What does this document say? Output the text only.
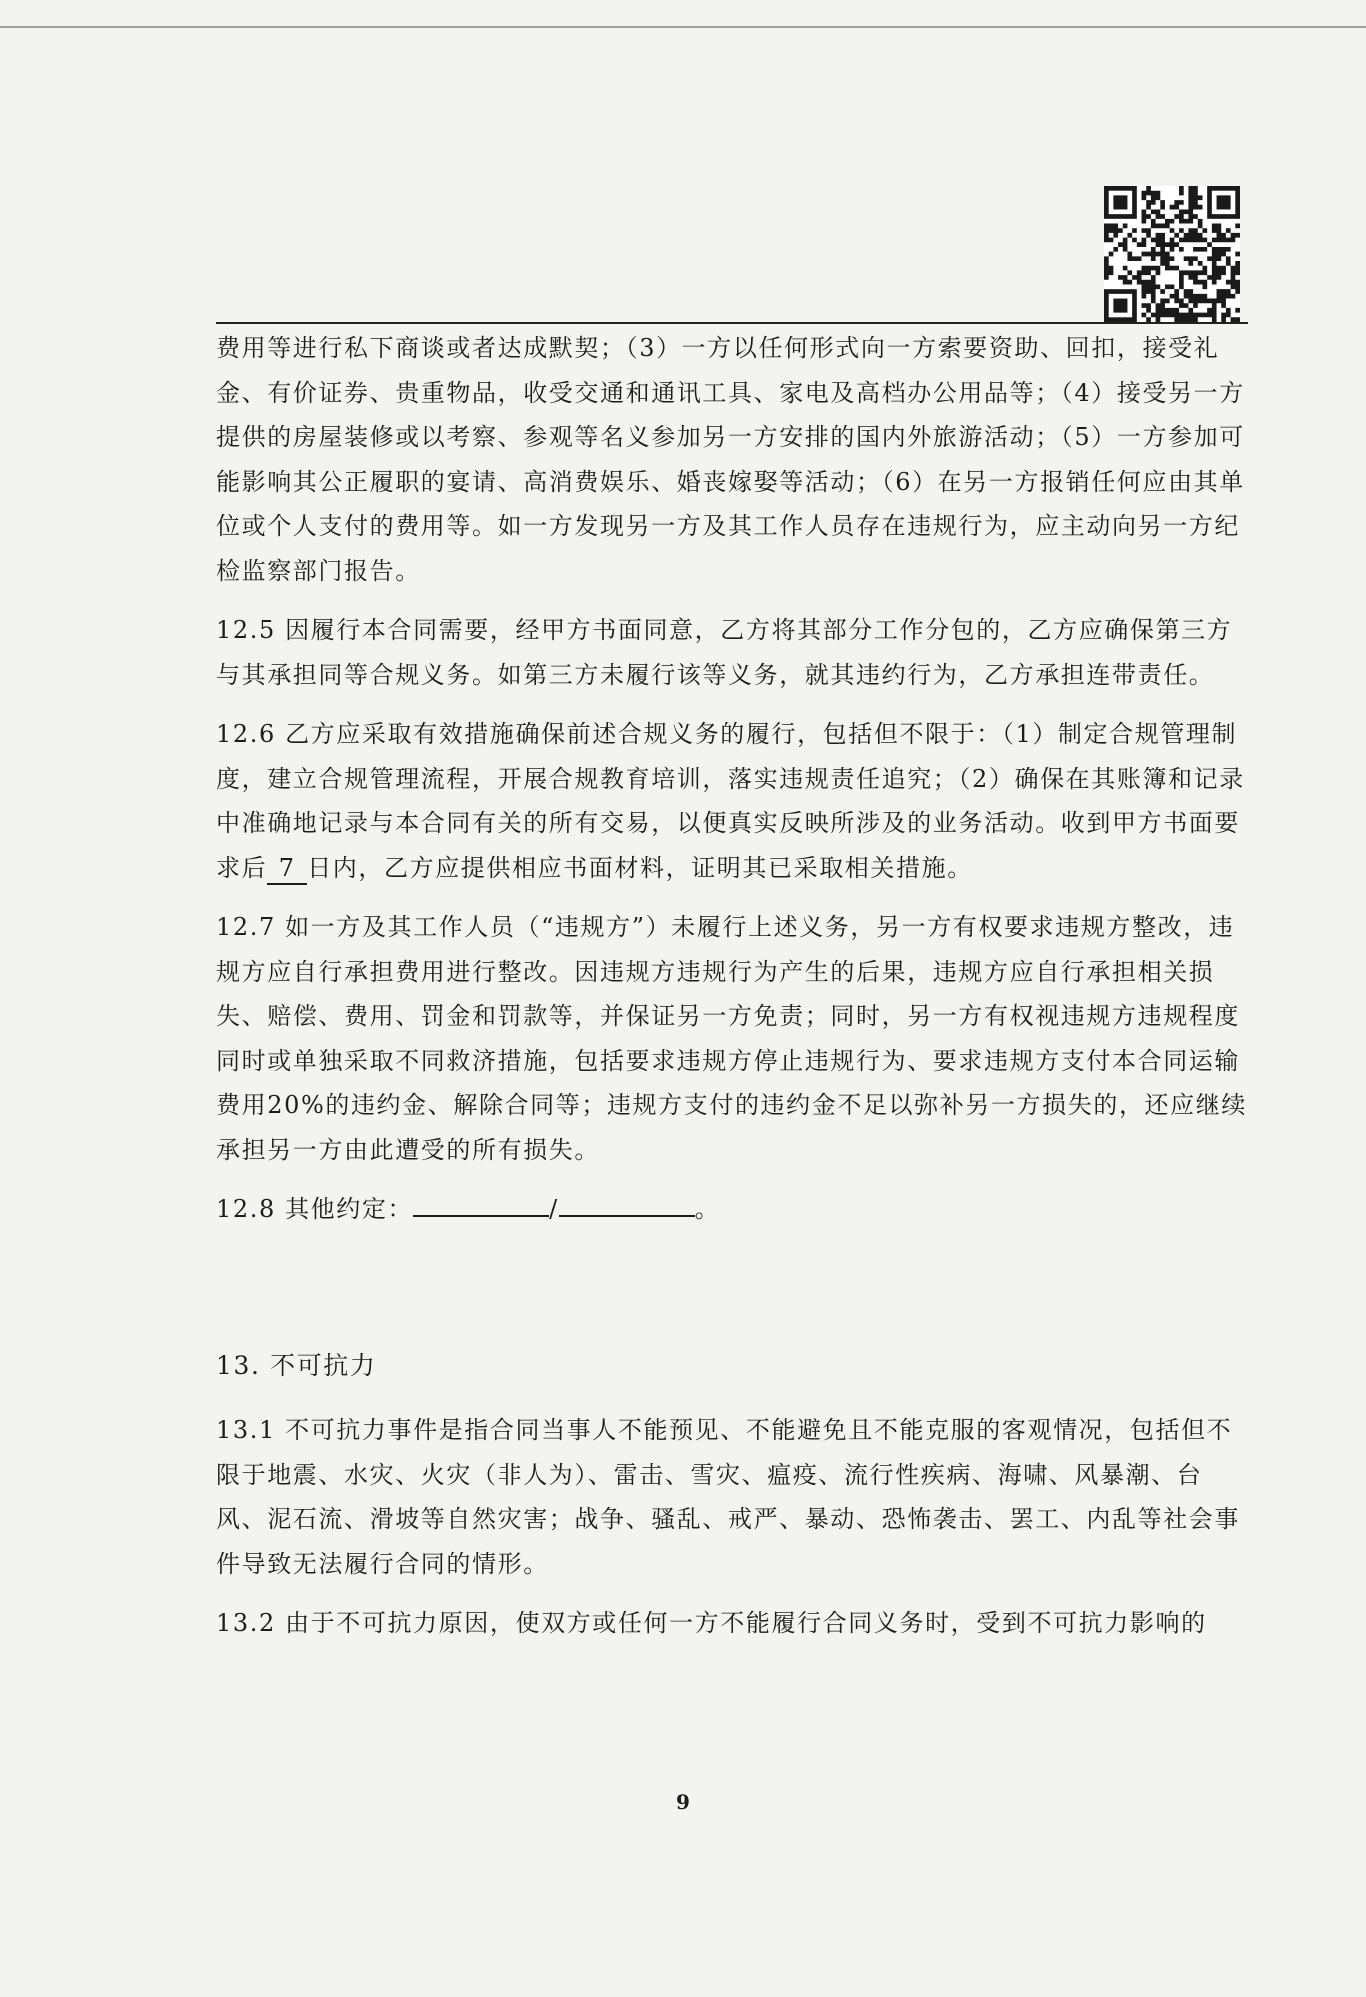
费用等进行私下商谈或者达成默契；（3）一方以任何形式向一方索要资助、回扣，接受礼金、有价证券、贵重物品，收受交通和通讯工具、家电及高档办公用品等；（4）接受另一方提供的房屋装修或以考察、参观等名义参加另一方安排的国内外旅游活动；（5）一方参加可能影响其公正履职的宴请、高消费娱乐、婚丧嫁娶等活动；（6）在另一方报销任何应由其单位或个人支付的费用等。如一方发现另一方及其工作人员存在违规行为，应主动向另一方纪检监察部门报告。

12.5 因履行本合同需要，经甲方书面同意，乙方将其部分工作分包的，乙方应确保第三方与其承担同等合规义务。如第三方未履行该等义务，就其违约行为，乙方承担连带责任。

12.6 乙方应采取有效措施确保前述合规义务的履行，包括但不限于：（1）制定合规管理制度，建立合规管理流程，开展合规教育培训，落实违规责任追究；（2）确保在其账簿和记录中准确地记录与本合同有关的所有交易，以便真实反映所涉及的业务活动。收到甲方书面要求后 7 日内，乙方应提供相应书面材料，证明其已采取相关措施。

12.7 如一方及其工作人员（“违规方”）未履行上述义务，另一方有权要求违规方整改，违规方应自行承担费用进行整改。因违规方违规行为产生的后果，违规方应自行承担相关损失、赔偿、费用、罚金和罚款等，并保证另一方免责；同时，另一方有权视违规方违规程度同时或单独采取不同救济措施，包括要求违规方停止违规行为、要求违规方支付本合同运输费用20%的违约金、解除合同等；违规方支付的违约金不足以弥补另一方损失的，还应继续承担另一方由此遭受的所有损失。

12.8 其他约定：	/	。

13. 不可抗力

13.1 不可抗力事件是指合同当事人不能预见、不能避免且不能克服的客观情况，包括但不限于地震、水灾、火灾（非人为）、雷击、雪灾、瘟疫、流行性疾病、海啸、风暴潮、台风、泥石流、滑坡等自然灾害；战争、骚乱、戒严、暴动、恐怖袭击、罢工、内乱等社会事件导致无法履行合同的情形。

13.2 由于不可抗力原因，使双方或任何一方不能履行合同义务时，受到不可抗力影响的

9
